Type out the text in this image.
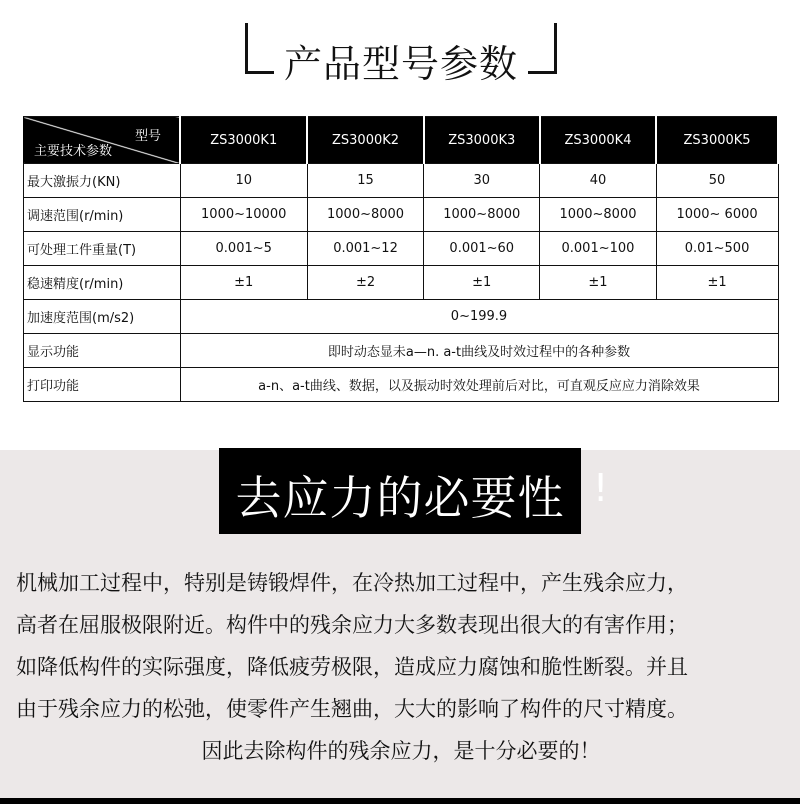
产品型号参数
型号
主要技术参数	ZS3000K1	ZS3000K2	ZS3000K3	ZS3000K4	ZS3000K5
最大激振力(KN)	10	15	30	40	50
调速范围(r/min)	1000~10000	1000~8000	1000~8000	1000~8000	1000~ 6000
可处理工件重量(T)	0.001~5	0.001~12	0.001~60	0.001~100	0.01~500
稳速精度(r/min)	±1	±2	±1	±1	±1
加速度范围(m/s2)	0~199.9				
显示功能	即时动态显未a—n. a-t曲线及时效过程中的各种参数				
打印功能	a-n、a-t曲线、数据，以及振动时效处理前后对比，可直观反应应力消除效果				
去应力的必要性 !
机械加工过程中，特别是铸锻焊件，在冷热加工过程中，产生残余应力，
高者在屈服极限附近。构件中的残余应力大多数表现出很大的有害作用；
如降低构件的实际强度，降低疲劳极限，造成应力腐蚀和脆性断裂。并且
由于残余应力的松弛，使零件产生翘曲，大大的影响了构件的尺寸精度。
因此去除构件的残余应力，是十分必要的！
